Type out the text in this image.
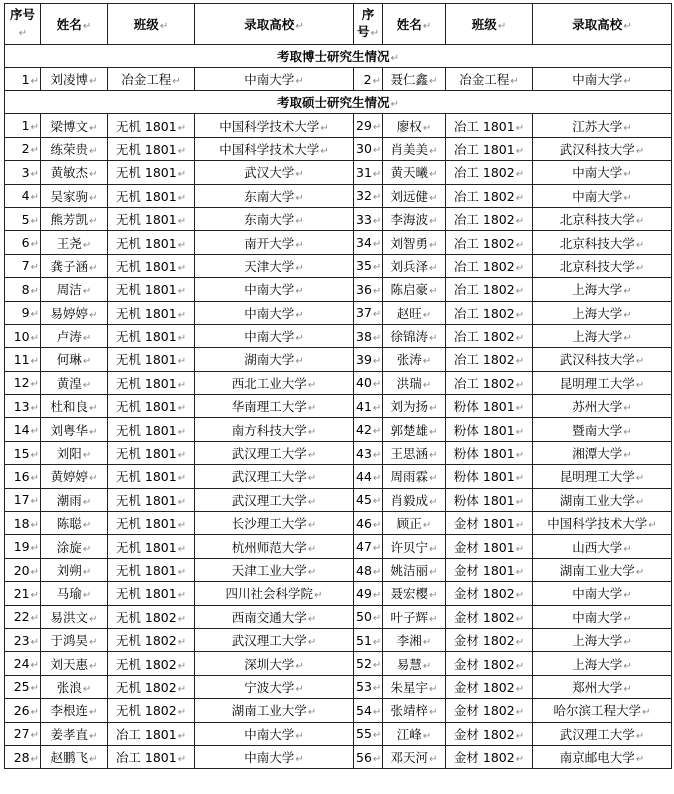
序号↵	姓名↵	班级↵	录取高校↵	序号↵	姓名↵	班级↵	录取高校↵
考取博士研究生情况↵							
1↵	刘凌博↵	冶金工程↵	中南大学↵	2↵	聂仁鑫↵	冶金工程↵	中南大学↵
考取硕士研究生情况↵							
1↵	梁博文↵	无机 1801↵	中国科学技术大学↵	29↵	廖权↵	冶工 1801↵	江苏大学↵
2↵	练荣贵↵	无机 1801↵	中国科学技术大学↵	30↵	肖美美↵	冶工 1801↵	武汉科技大学↵
3↵	黄敏杰↵	无机 1801↵	武汉大学↵	31↵	黄天曦↵	冶工 1802↵	中南大学↵
4↵	吴家驹↵	无机 1801↵	东南大学↵	32↵	刘远健↵	冶工 1802↵	中南大学↵
5↵	熊芳凯↵	无机 1801↵	东南大学↵	33↵	李海波↵	冶工 1802↵	北京科技大学↵
6↵	王尧↵	无机 1801↵	南开大学↵	34↵	刘智勇↵	冶工 1802↵	北京科技大学↵
7↵	龚子涵↵	无机 1801↵	天津大学↵	35↵	刘兵泽↵	冶工 1802↵	北京科技大学↵
8↵	周洁↵	无机 1801↵	中南大学↵	36↵	陈启豪↵	冶工 1802↵	上海大学↵
9↵	易婷婷↵	无机 1801↵	中南大学↵	37↵	赵旺↵	冶工 1802↵	上海大学↵
10↵	卢涛↵	无机 1801↵	中南大学↵	38↵	徐锦涛↵	冶工 1802↵	上海大学↵
11↵	何琳↵	无机 1801↵	湖南大学↵	39↵	张涛↵	冶工 1802↵	武汉科技大学↵
12↵	黄湟↵	无机 1801↵	西北工业大学↵	40↵	洪瑞↵	冶工 1802↵	昆明理工大学↵
13↵	杜和良↵	无机 1801↵	华南理工大学↵	41↵	刘为扬↵	粉体 1801↵	苏州大学↵
14↵	刘粤华↵	无机 1801↵	南方科技大学↵	42↵	郭楚雄↵	粉体 1801↵	暨南大学↵
15↵	刘阳↵	无机 1801↵	武汉理工大学↵	43↵	王思涵↵	粉体 1801↵	湘潭大学↵
16↵	黄婷婷↵	无机 1801↵	武汉理工大学↵	44↵	周雨霖↵	粉体 1801↵	昆明理工大学↵
17↵	潮雨↵	无机 1801↵	武汉理工大学↵	45↵	肖毅成↵	粉体 1801↵	湖南工业大学↵
18↵	陈聪↵	无机 1801↵	长沙理工大学↵	46↵	顾正↵	金材 1801↵	中国科学技术大学↵
19↵	涂旋↵	无机 1801↵	杭州师范大学↵	47↵	许贝宁↵	金材 1801↵	山西大学↵
20↵	刘朔↵	无机 1801↵	天津工业大学↵	48↵	姚洁丽↵	金材 1801↵	湖南工业大学↵
21↵	马瑜↵	无机 1801↵	四川社会科学院↵	49↵	聂宏樱↵	金材 1802↵	中南大学↵
22↵	易洪文↵	无机 1802↵	西南交通大学↵	50↵	叶子辉↵	金材 1802↵	中南大学↵
23↵	于鸿昊↵	无机 1802↵	武汉理工大学↵	51↵	李湘↵	金材 1802↵	上海大学↵
24↵	刘天惠↵	无机 1802↵	深圳大学↵	52↵	易慧↵	金材 1802↵	上海大学↵
25↵	张浪↵	无机 1802↵	宁波大学↵	53↵	朱星宇↵	金材 1802↵	郑州大学↵
26↵	李根连↵	无机 1802↵	湖南工业大学↵	54↵	张靖梓↵	金材 1802↵	哈尔滨工程大学↵
27↵	姜孝直↵	冶工 1801↵	中南大学↵	55↵	江峰↵	金材 1802↵	武汉理工大学↵
28↵	赵鹏飞↵	冶工 1801↵	中南大学↵	56↵	邓天河↵	金材 1802↵	南京邮电大学↵
